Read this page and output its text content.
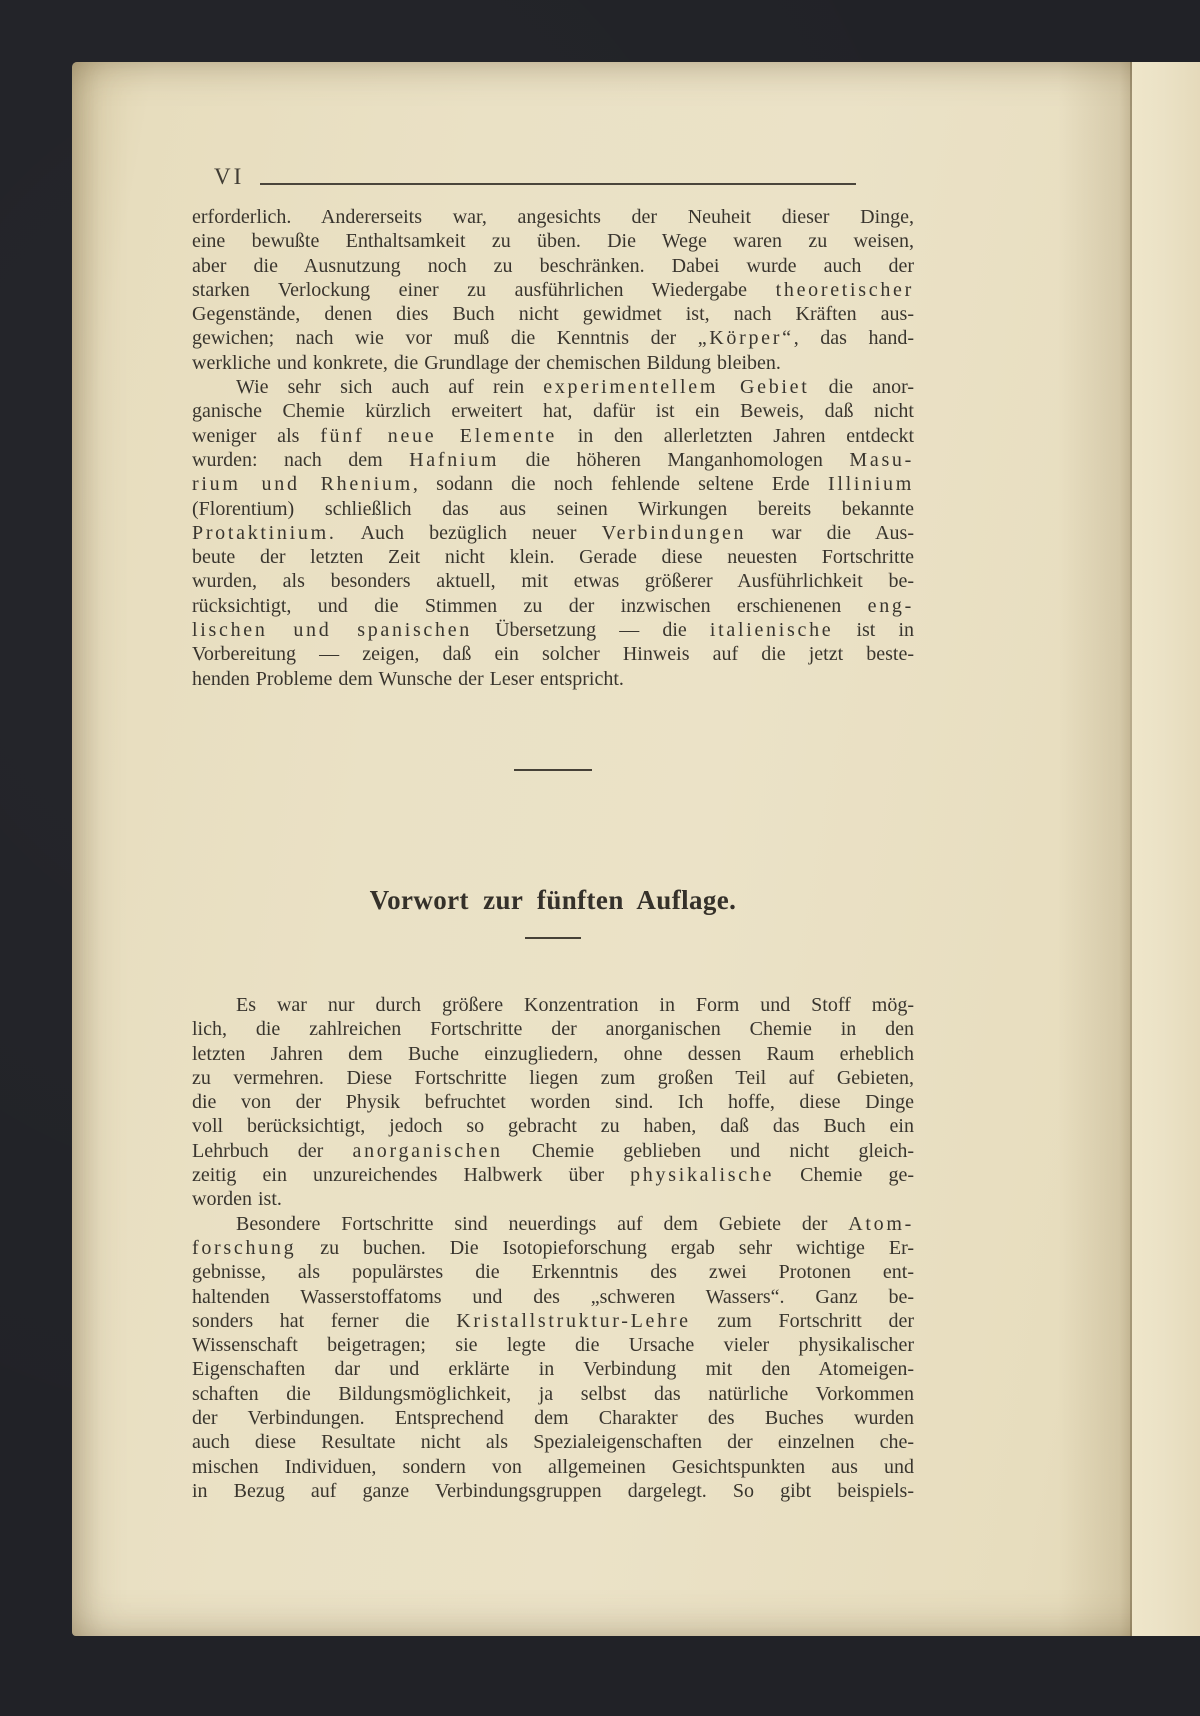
VI
erforderlich. Andererseits war, angesichts der Neuheit dieser Dinge,
eine bewußte Enthaltsamkeit zu üben. Die Wege waren zu weisen,
aber die Ausnutzung noch zu beschränken. Dabei wurde auch der
starken Verlockung einer zu ausführlichen Wiedergabe theoretischer
Gegenstände, denen dies Buch nicht gewidmet ist, nach Kräften aus-
gewichen; nach wie vor muß die Kenntnis der „Körper“, das hand-
werkliche und konkrete, die Grundlage der chemischen Bildung bleiben.
Wie sehr sich auch auf rein experimentellem Gebiet die anor-
ganische Chemie kürzlich erweitert hat, dafür ist ein Beweis, daß nicht
weniger als fünf neue Elemente in den allerletzten Jahren entdeckt
wurden: nach dem Hafnium die höheren Manganhomologen Masu-
rium und Rhenium, sodann die noch fehlende seltene Erde Illinium
(Florentium) schließlich das aus seinen Wirkungen bereits bekannte
Protaktinium. Auch bezüglich neuer Verbindungen war die Aus-
beute der letzten Zeit nicht klein. Gerade diese neuesten Fortschritte
wurden, als besonders aktuell, mit etwas größerer Ausführlichkeit be-
rücksichtigt, und die Stimmen zu der inzwischen erschienenen eng-
lischen und spanischen Übersetzung — die italienische ist in
Vorbereitung — zeigen, daß ein solcher Hinweis auf die jetzt beste-
henden Probleme dem Wunsche der Leser entspricht.
Vorwort zur fünften Auflage.
Es war nur durch größere Konzentration in Form und Stoff mög-
lich, die zahlreichen Fortschritte der anorganischen Chemie in den
letzten Jahren dem Buche einzugliedern, ohne dessen Raum erheblich
zu vermehren. Diese Fortschritte liegen zum großen Teil auf Gebieten,
die von der Physik befruchtet worden sind. Ich hoffe, diese Dinge
voll berücksichtigt, jedoch so gebracht zu haben, daß das Buch ein
Lehrbuch der anorganischen Chemie geblieben und nicht gleich-
zeitig ein unzureichendes Halbwerk über physikalische Chemie ge-
worden ist.
Besondere Fortschritte sind neuerdings auf dem Gebiete der Atom-
forschung zu buchen. Die Isotopieforschung ergab sehr wichtige Er-
gebnisse, als populärstes die Erkenntnis des zwei Protonen ent-
haltenden Wasserstoffatoms und des „schweren Wassers“. Ganz be-
sonders hat ferner die Kristallstruktur-Lehre zum Fortschritt der
Wissenschaft beigetragen; sie legte die Ursache vieler physikalischer
Eigenschaften dar und erklärte in Verbindung mit den Atomeigen-
schaften die Bildungsmöglichkeit, ja selbst das natürliche Vorkommen
der Verbindungen. Entsprechend dem Charakter des Buches wurden
auch diese Resultate nicht als Spezialeigenschaften der einzelnen che-
mischen Individuen, sondern von allgemeinen Gesichtspunkten aus und
in Bezug auf ganze Verbindungsgruppen dargelegt. So gibt beispiels-
